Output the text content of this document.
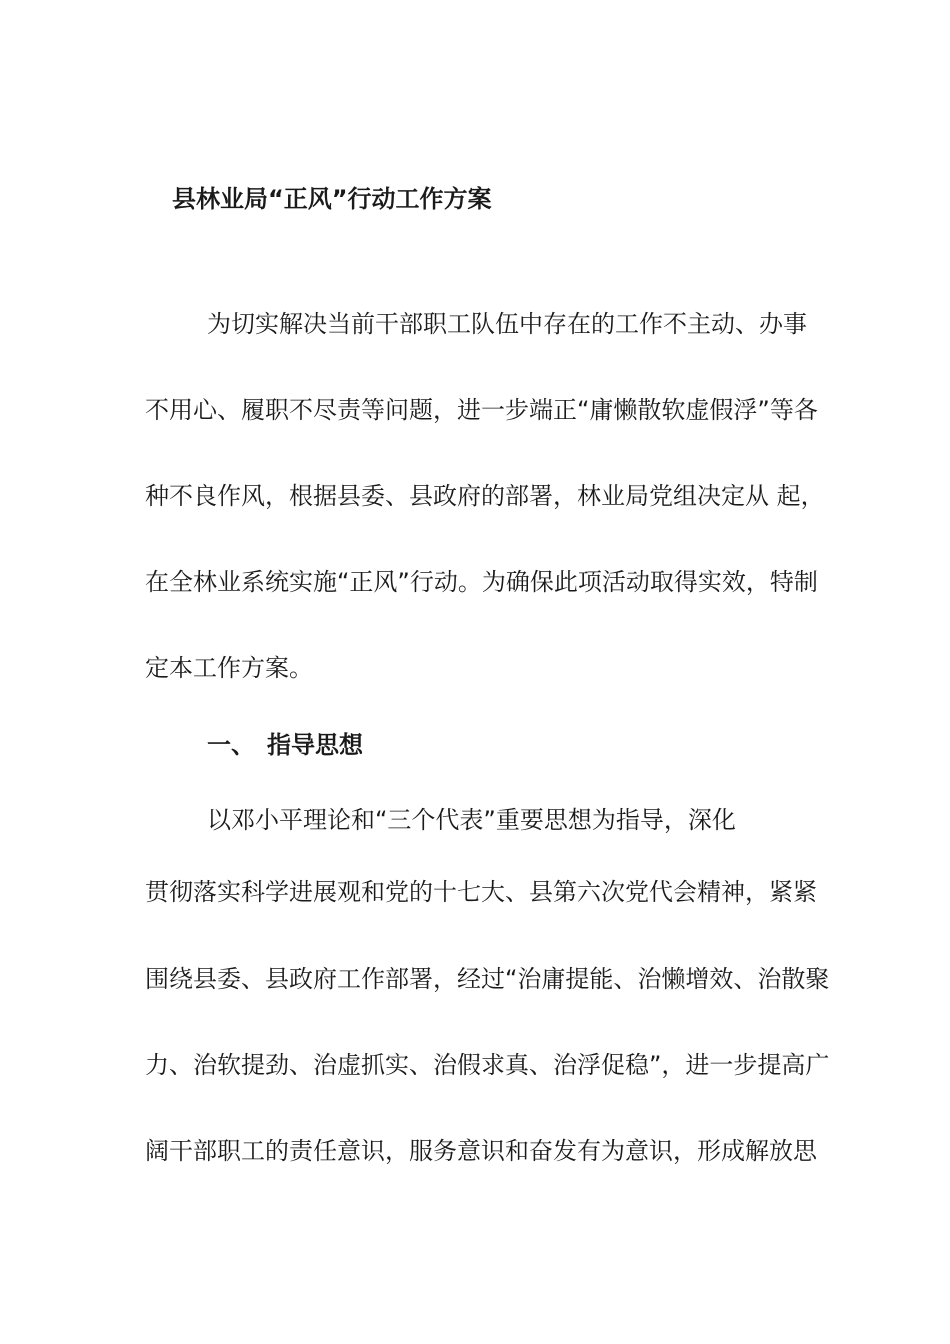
县林业局“正风”行动工作方案
为切实解决当前干部职工队伍中存在的工作不主动、办事
不用心、履职不尽责等问题，进一步端正“庸懒散软虚假浮”等各
种不良作风，根据县委、县政府的部署，林业局党组决定从 起，
在全林业系统实施“正风”行动。为确保此项活动取得实效，特制
定本工作方案。
一、 指导思想
以邓小平理论和“三个代表”重要思想为指导，深化
贯彻落实科学进展观和党的十七大、县第六次党代会精神，紧紧
围绕县委、县政府工作部署，经过“治庸提能、治懒增效、治散聚
力、治软提劲、治虚抓实、治假求真、治浮促稳”，进一步提高广
阔干部职工的责任意识，服务意识和奋发有为意识，形成解放思
